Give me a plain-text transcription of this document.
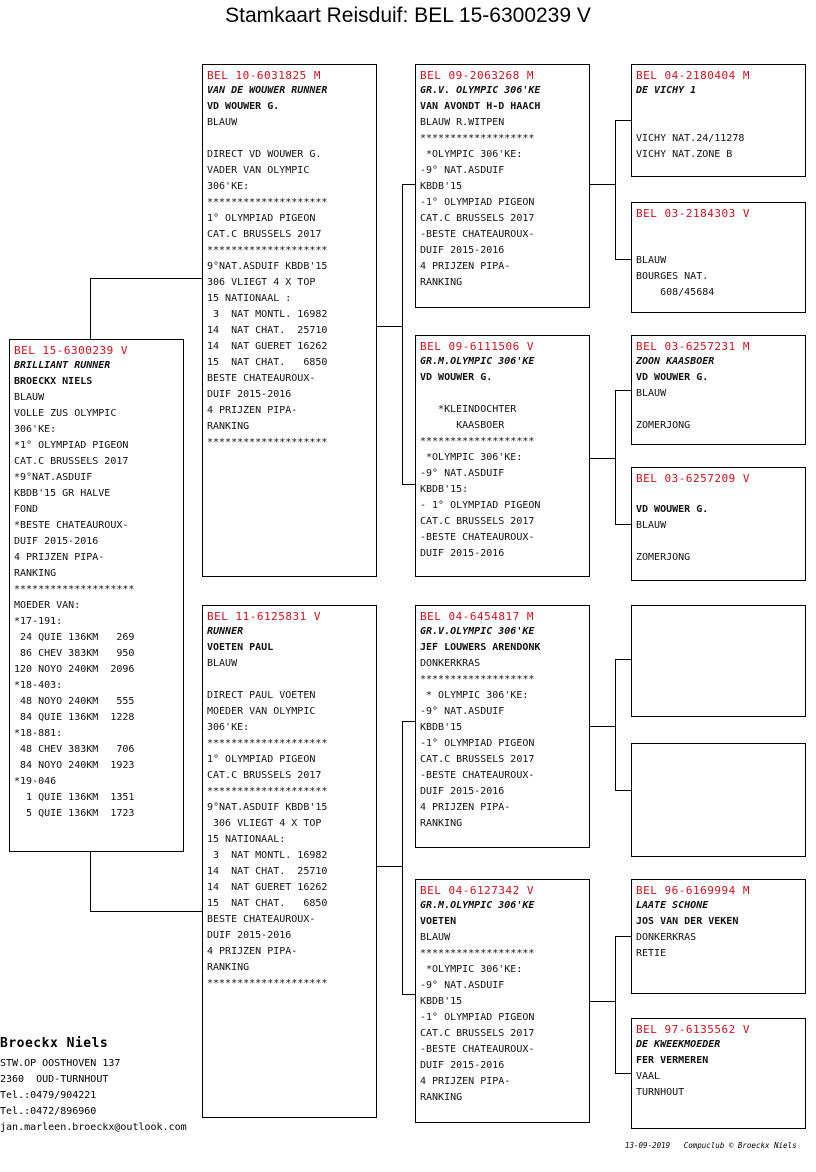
Stamkaart Reisduif: BEL 15-6300239 V
BEL 15-6300239 V
BRILLIANT RUNNER
BROECKX NIELS
BLAUW
VOLLE ZUS OLYMPIC
306'KE:
*1° OLYMPIAD PIGEON
CAT.C BRUSSELS 2017
*9°NAT.ASDUIF
KBDB'15 GR HALVE
FOND
*BESTE CHATEAUROUX-
DUIF 2015-2016
4 PRIJZEN PIPA-
RANKING
********************
MOEDER VAN:
*17-191:
24 QUIE 136KM   269
86 CHEV 383KM   950
120 NOYO 240KM  2096
*18-403:
48 NOYO 240KM   555
84 QUIE 136KM  1228
*18-881:
48 CHEV 383KM   706
84 NOYO 240KM  1923
*19-046
1 QUIE 136KM  1351
5 QUIE 136KM  1723
BEL 10-6031825 M
VAN DE WOUWER RUNNER
VD WOUWER G.
BLAUW

DIRECT VD WOUWER G.
VADER VAN OLYMPIC
306'KE:
********************
1° OLYMPIAD PIGEON
CAT.C BRUSSELS 2017
********************
9°NAT.ASDUIF KBDB'15
306 VLIEGT 4 X TOP
15 NATIONAAL :
3  NAT MONTL. 16982
14  NAT CHAT.  25710
14  NAT GUERET 16262
15  NAT CHAT.   6850
BESTE CHATEAUROUX-
DUIF 2015-2016
4 PRIJZEN PIPA-
RANKING
********************
BEL 11-6125831 V
RUNNER
VOETEN PAUL
BLAUW

DIRECT PAUL VOETEN
MOEDER VAN OLYMPIC
306'KE:
********************
1° OLYMPIAD PIGEON
CAT.C BRUSSELS 2017
********************
9°NAT.ASDUIF KBDB'15
306 VLIEGT 4 X TOP
15 NATIONAAL:
3  NAT MONTL. 16982
14  NAT CHAT.  25710
14  NAT GUERET 16262
15  NAT CHAT.   6850
BESTE CHATEAUROUX-
DUIF 2015-2016
4 PRIJZEN PIPA-
RANKING
********************
BEL 09-2063268 M
GR.V. OLYMPIC 306'KE
VAN AVONDT H-D HAACH
BLAUW R.WITPEN
*******************
*OLYMPIC 306'KE:
-9° NAT.ASDUIF
KBDB'15
-1° OLYMPIAD PIGEON
CAT.C BRUSSELS 2017
-BESTE CHATEAUROUX-
DUIF 2015-2016
4 PRIJZEN PIPA-
RANKING
BEL 09-6111506 V
GR.M.OLYMPIC 306'KE
VD WOUWER G.

*KLEINDOCHTER
KAASBOER
*******************
*OLYMPIC 306'KE:
-9° NAT.ASDUIF
KBDB'15:
- 1° OLYMPIAD PIGEON
CAT.C BRUSSELS 2017
-BESTE CHATEAUROUX-
DUIF 2015-2016
BEL 04-6454817 M
GR.V.OLYMPIC 306'KE
JEF LOUWERS ARENDONK
DONKERKRAS
*******************
* OLYMPIC 306'KE:
-9° NAT.ASDUIF
KBDB'15
-1° OLYMPIAD PIGEON
CAT.C BRUSSELS 2017
-BESTE CHATEAUROUX-
DUIF 2015-2016
4 PRIJZEN PIPA-
RANKING
BEL 04-6127342 V
GR.M.OLYMPIC 306'KE
VOETEN
BLAUW
*******************
*OLYMPIC 306'KE:
-9° NAT.ASDUIF
KBDB'15
-1° OLYMPIAD PIGEON
CAT.C BRUSSELS 2017
-BESTE CHATEAUROUX-
DUIF 2015-2016
4 PRIJZEN PIPA-
RANKING
BEL 04-2180404 M
DE VICHY 1

VICHY NAT.24/11278
VICHY NAT.ZONE B
BEL 03-2184303 V

BLAUW
BOURGES NAT.
608/45684
BEL 03-6257231 M
ZOON KAASBOER
VD WOUWER G.
BLAUW

ZOMERJONG
BEL 03-6257209 V

VD WOUWER G.
BLAUW

ZOMERJONG
BEL 96-6169994 M
LAATE SCHONE
JOS VAN DER VEKEN
DONKERKRAS
RETIE
BEL 97-6135562 V
DE KWEEKMOEDER
FER VERMEREN
VAAL
TURNHOUT
Broeckx Niels
STW.OP OOSTHOVEN 137
2360  OUD-TURNHOUT
Tel.:0479/904221
Tel.:0472/896960
jan.marleen.broeckx@outlook.com
13-09-2019   Compuclub © Broeckx Niels
